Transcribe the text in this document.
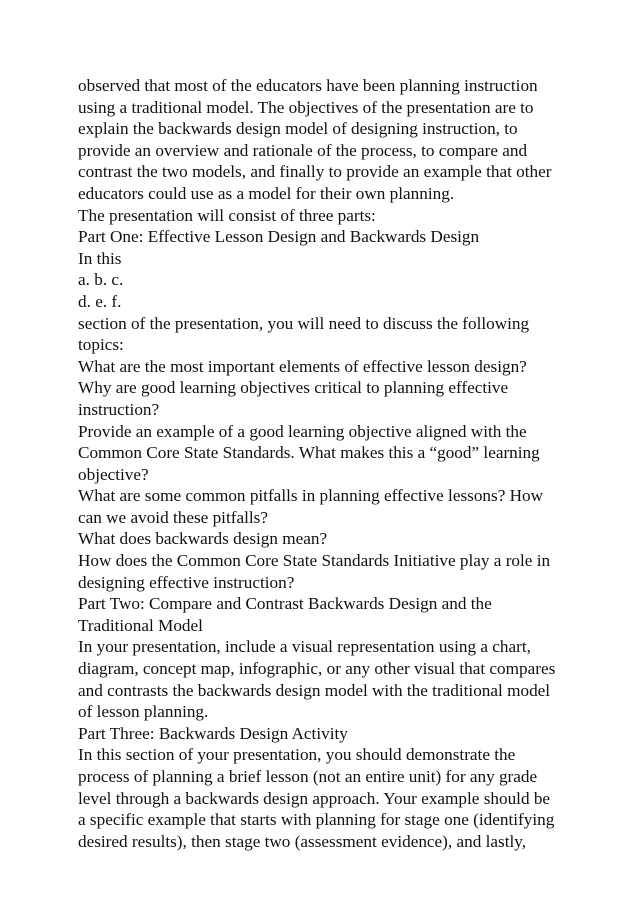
observed that most of the educators have been planning instruction
using a traditional model. The objectives of the presentation are to
explain the backwards design model of designing instruction, to
provide an overview and rationale of the process, to compare and
contrast the two models, and finally to provide an example that other
educators could use as a model for their own planning.
The presentation will consist of three parts:
Part One: Effective Lesson Design and Backwards Design
In this
a. b. c.
d. e. f.
section of the presentation, you will need to discuss the following
topics:
What are the most important elements of effective lesson design?
Why are good learning objectives critical to planning effective
instruction?
Provide an example of a good learning objective aligned with the
Common Core State Standards. What makes this a “good” learning
objective?
What are some common pitfalls in planning effective lessons? How
can we avoid these pitfalls?
What does backwards design mean?
How does the Common Core State Standards Initiative play a role in
designing effective instruction?
Part Two: Compare and Contrast Backwards Design and the
Traditional Model
In your presentation, include a visual representation using a chart,
diagram, concept map, infographic, or any other visual that compares
and contrasts the backwards design model with the traditional model
of lesson planning.
Part Three: Backwards Design Activity
In this section of your presentation, you should demonstrate the
process of planning a brief lesson (not an entire unit) for any grade
level through a backwards design approach. Your example should be
a specific example that starts with planning for stage one (identifying
desired results), then stage two (assessment evidence), and lastly,
